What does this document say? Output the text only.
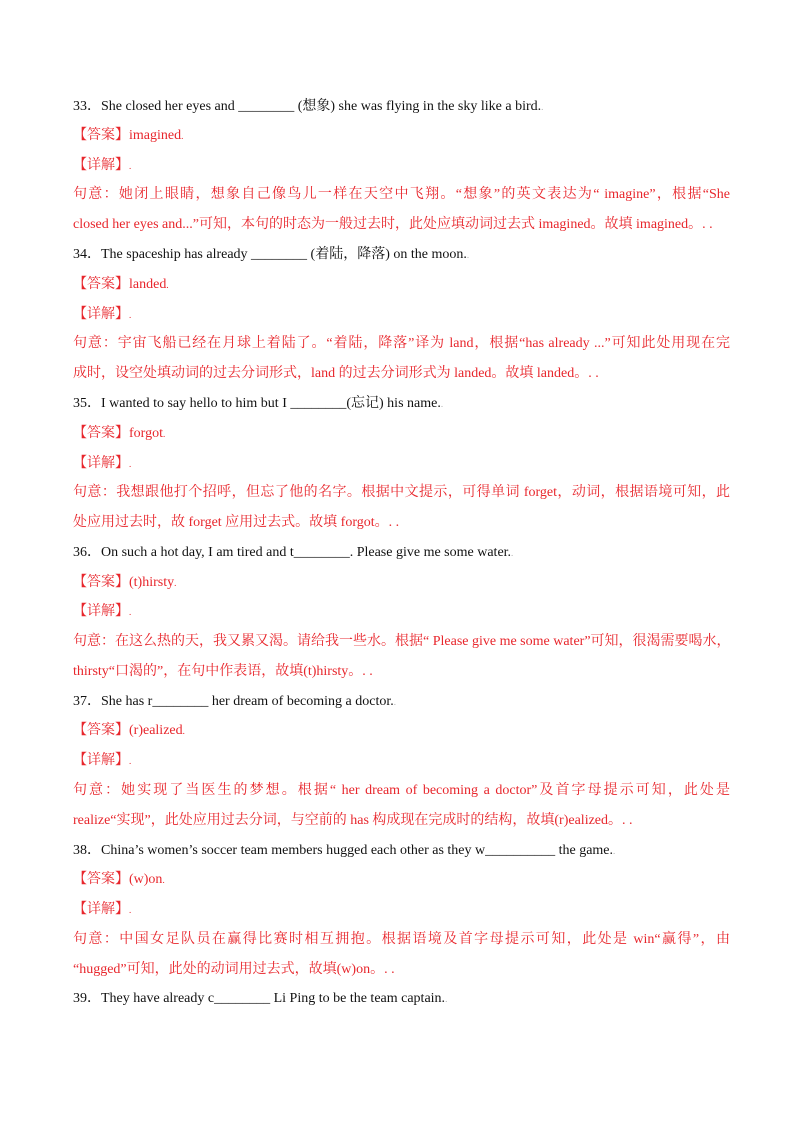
33．She closed her eyes and ________ (想象) she was flying in the sky like a bird..
【答案】imagined.
【详解】.
句意：她闭上眼睛，想象自己像鸟儿一样在天空中飞翔。“想象”的英文表达为“ imagine”，根据“She
closed her eyes and...”可知，本句的时态为一般过去时，此处应填动词过去式 imagined。故填 imagined。. .
34．The spaceship has already ________ (着陆，降落) on the moon..
【答案】landed.
【详解】.
句意：宇宙飞船已经在月球上着陆了。“着陆，降落”译为 land，根据“has already ...”可知此处用现在完
成时，设空处填动词的过去分词形式，land 的过去分词形式为 landed。故填 landed。. .
35．I wanted to say hello to him but I ________(忘记) his name..
【答案】forgot.
【详解】.
句意：我想跟他打个招呼，但忘了他的名字。根据中文提示，可得单词 forget，动词，根据语境可知，此
处应用过去时，故 forget 应用过去式。故填 forgot。. .
36．On such a hot day, I am tired and t________. Please give me some water..
【答案】(t)hirsty.
【详解】.
句意：在这么热的天，我又累又渴。请给我一些水。根据“ Please give me some water”可知，很渴需要喝水，
thirsty“口渴的”，在句中作表语，故填(t)hirsty。. .
37．She has r________ her dream of becoming a doctor..
【答案】(r)ealized.
【详解】.
句意：她实现了当医生的梦想。根据“ her dream of becoming a doctor”及首字母提示可知，此处是
realize“实现”，此处应用过去分词，与空前的 has 构成现在完成时的结构，故填(r)ealized。. .
38．China’s women’s soccer team members hugged each other as they w__________ the game..
【答案】(w)on.
【详解】.
句意：中国女足队员在赢得比赛时相互拥抱。根据语境及首字母提示可知，此处是 win“赢得”，由
“hugged”可知，此处的动词用过去式，故填(w)on。. .
39．They have already c________ Li Ping to be the team captain..
